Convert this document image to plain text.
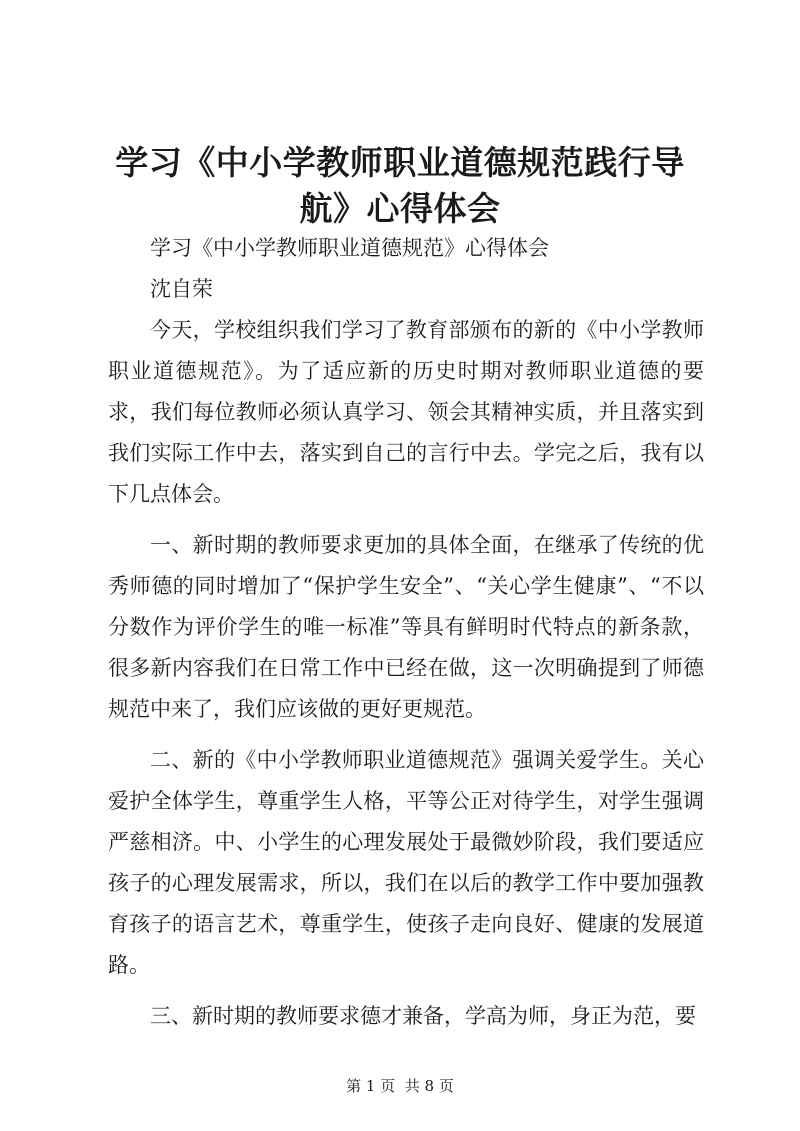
学习《中小学教师职业道德规范践行导航》心得体会

学习《中小学教师职业道德规范》心得体会

沈自荣

今天，学校组织我们学习了教育部颁布的新的《中小学教师职业道德规范》。为了适应新的历史时期对教师职业道德的要求，我们每位教师必须认真学习、领会其精神实质，并且落实到我们实际工作中去，落实到自己的言行中去。学完之后，我有以下几点体会。

一、新时期的教师要求更加的具体全面，在继承了传统的优秀师德的同时增加了“保护学生安全”、“关心学生健康”、“不以分数作为评价学生的唯一标准”等具有鲜明时代特点的新条款，很多新内容我们在日常工作中已经在做，这一次明确提到了师德规范中来了，我们应该做的更好更规范。

二、新的《中小学教师职业道德规范》强调关爱学生。关心爱护全体学生，尊重学生人格，平等公正对待学生，对学生强调严慈相济。中、小学生的心理发展处于最微妙阶段，我们要适应孩子的心理发展需求，所以，我们在以后的教学工作中要加强教育孩子的语言艺术，尊重学生，使孩子走向良好、健康的发展道路。

三、新时期的教师要求德才兼备，学高为师，身正为范，要

第 1 页  共 8 页
